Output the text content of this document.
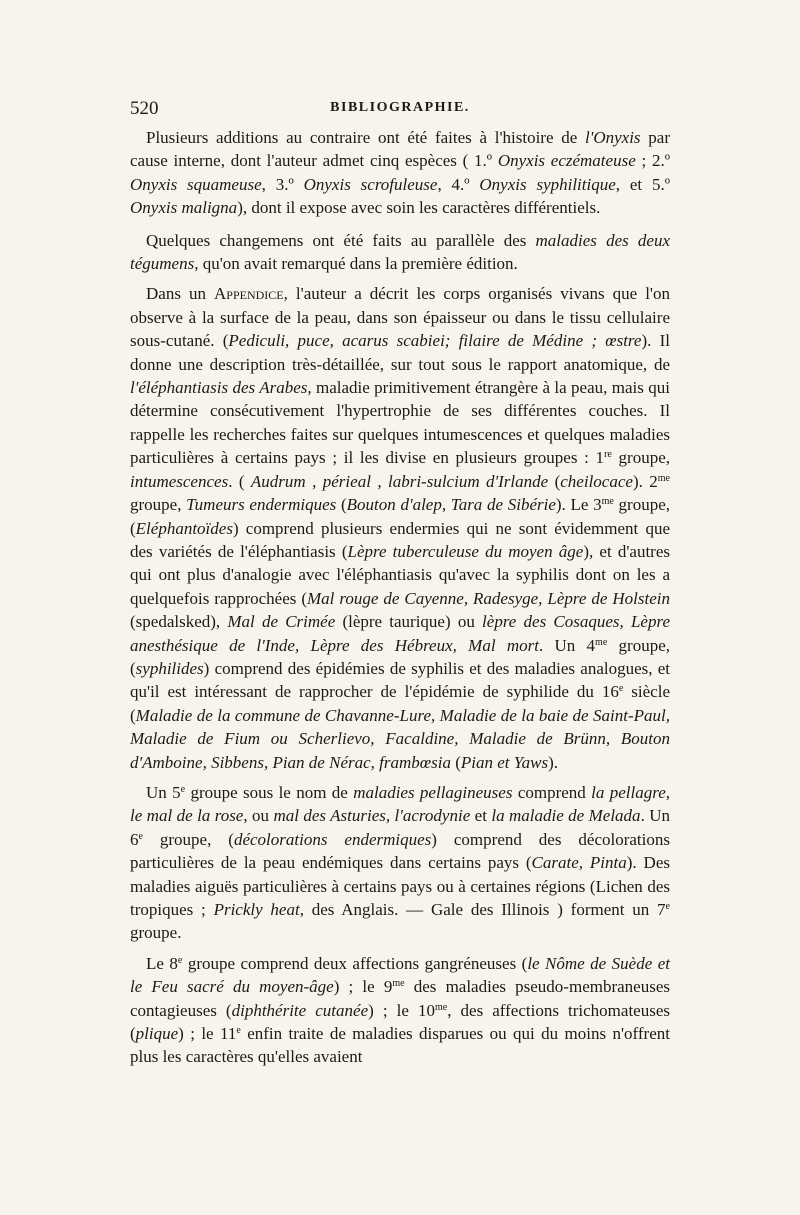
520	BIBLIOGRAPHIE.

Plusieurs additions au contraire ont été faites à l'histoire de l'Onyxis par cause interne, dont l'auteur admet cinq espèces ( 1.º Onyxis eczémateuse ; 2.º Onyxis squameuse, 3.º Onyxis scrofuleuse, 4.º Onyxis syphilitique, et 5.º Onyxis maligna), dont il expose avec soin les caractères différentiels.

Quelques changemens ont été faits au parallèle des maladies des deux tégumens, qu'on avait remarqué dans la première édition.

Dans un Appendice, l'auteur a décrit les corps organisés vivans que l'on observe à la surface de la peau, dans son épaisseur ou dans le tissu cellulaire sous-cutané. (Pediculi, puce, acarus scabiei; filaire de Médine ; œstre). Il donne une description très-détaillée, sur tout sous le rapport anatomique, de l'éléphantiasis des Arabes, maladie primitivement étrangère à la peau, mais qui détermine consécutivement l'hypertrophie de ses différentes couches. Il rappelle les recherches faites sur quelques intumescences et quelques maladies particulières à certains pays ; il les divise en plusieurs groupes : 1re groupe, intumescences. ( Audrum , périeal , labri-sulcium d'Irlande (cheilocace). $2^{me}$ groupe, Tumeurs endermiques (Bouton d'alep, Tara de Sibérie). Le $3^{me}$ groupe, (Eléphantoïdes) comprend plusieurs endermies qui ne sont évidemment que des variétés de l'éléphantiasis (Lèpre tuberculeuse du moyen âge), et d'autres qui ont plus d'analogie avec l'éléphantiasis qu'avec la syphilis dont on les a quelquefois rapprochées (Mal rouge de Cayenne, Radesyge, Lèpre de Holstein (spedalsked), Mal de Crimée (lèpre taurique) ou lèpre des Cosaques, Lèpre anesthésique de l'Inde, Lèpre des Hébreux, Mal mort. Un $4^{me}$ groupe, (syphilides) comprend des épidémies de syphilis et des maladies analogues, et qu'il est intéressant de rapprocher de l'épidémie de syphilide du 16e siècle (Maladie de la commune de Chavanne-Lure, Maladie de la baie de Saint-Paul, Maladie de Fium ou Scherlievo, Facaldine, Maladie de Brünn, Bouton d'Amboine, Sibbens, Pian de Nérac, frambœsia (Pian et Yaws).

Un 5e groupe sous le nom de maladies pellagineuses comprend la pellagre, le mal de la rose, ou mal des Asturies, l'acrodynie et la maladie de Melada. Un 6e groupe, (décolorations endermiques) comprend des décolorations particulières de la peau endémiques dans certains pays (Carate, Pinta). Des maladies aiguës particulières à certains pays ou à certaines régions (Lichen des tropiques ; Prickly heat, des Anglais. — Gale des Illinois ) forment un 7e groupe.

Le 8e groupe comprend deux affections gangréneuses (le Nôme de Suède et le Feu sacré du moyen-âge) ; le $9^{me}$ des maladies pseudo-membraneuses contagieuses (diphthérite cutanée) ; le $10^{me}$, des affections trichomateuses (plique) ; le 11e enfin traite de maladies disparues ou qui du moins n'offrent plus les caractères qu'elles avaient
